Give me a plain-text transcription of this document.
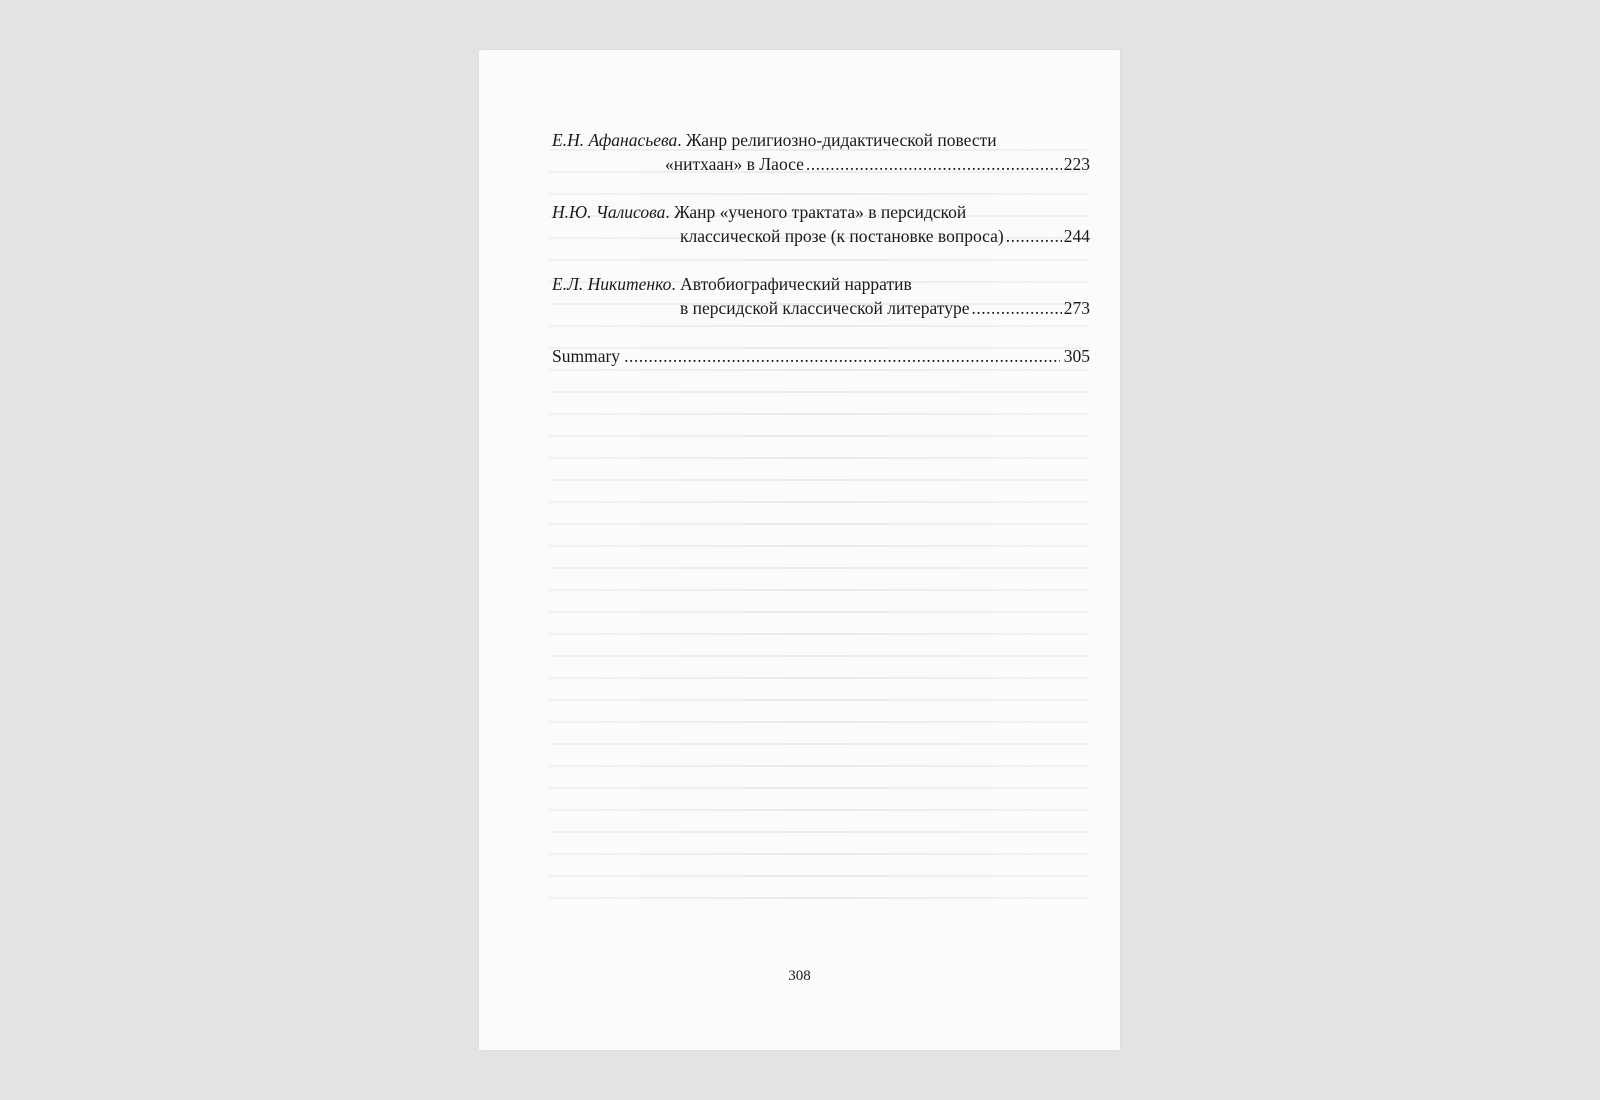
Е.Н. Афанасьева. Жанр религиозно-дидактической повести
«нитхаан» в Лаосе .....	223
Н.Ю. Чалисова. Жанр «ученого трактата» в персидской
классической прозе (к постановке вопроса) .....	244
Е.Л. Никитенко. Автобиографический нарратив
в персидской классической литературе .....	273
Summary .....	305
308
